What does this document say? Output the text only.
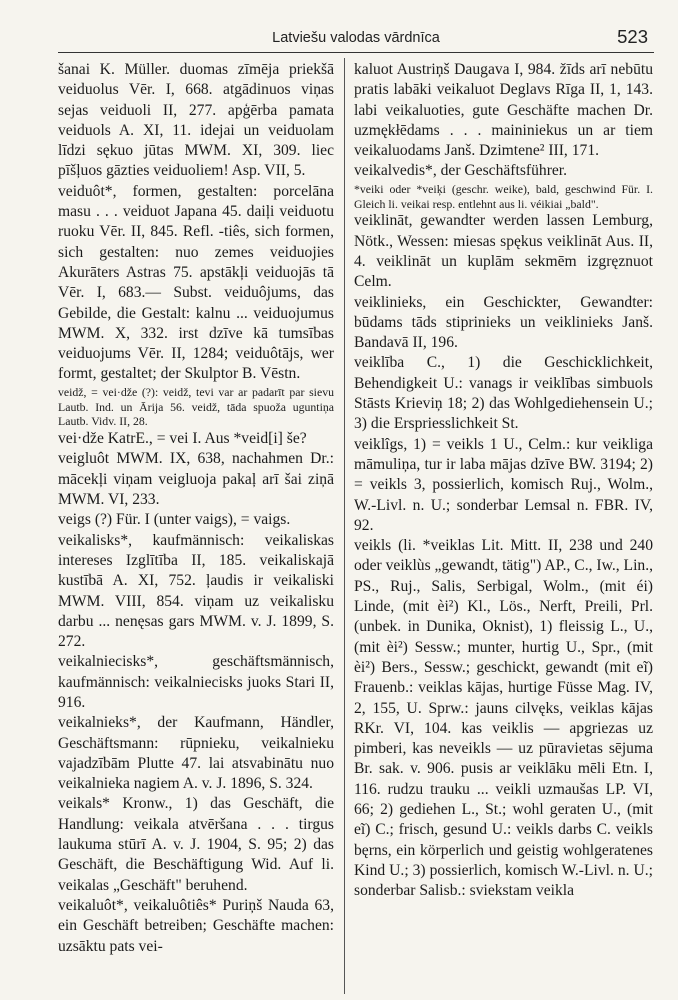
Latviešu valodas vārdnīca	523

šanai K. Müller. duomas zīmēja priekšā veiduolus Vēr. I, 668. atgādinuos viņas sejas veiduoli II, 277. apģērba pamata veiduols A. XI, 11. idejai un veiduolam līdzi sękuo jūtas MWM. XI, 309. liec pīšļuos gāzties veiduoliem! Asp. VII, 5.

veiduôt*, formen, gestalten: porcelāna masu . . . veiduot Japana 45. daiļi veiduotu ruoku Vēr. II, 845. Refl. -tiês, sich formen, sich gestalten: nuo zemes veiduojies Akurāters Astras 75. apstākļi veiduojās tā Vēr. I, 683.— Subst. veiduôjums, das Gebilde, die Gestalt: kalnu ... veiduojumus MWM. X, 332. irst dzīve kā tumsības veiduojums Vēr. II, 1284; veiduôtājs, wer formt, gestaltet; der Skulptor B. Vēstn.

veidž, = vei·dže (?): veidž, tevi var ar padarīt par sievu Lautb. Ind. un Ārija 56. veidž, tāda spuoža uguntiņa Lautb. Vidv. II, 28.

vei·dže KatrE., = vei I. Aus *veid[i] še?

veigluôt MWM. IX, 638, nachahmen Dr.: mācekļi viņam veigluoja pakaļ arī šai ziņā MWM. VI, 233.

veigs (?) Für. I (unter vaigs), = vaigs.

veikalisks*, kaufmännisch: veikaliskas intereses Izglītība II, 185. veikaliskajā kustībā A. XI, 752. ļaudis ir veikaliski MWM. VIII, 854. viņam uz veikalisku darbu ... nenęsas gars MWM. v. J. 1899, S. 272.

veikalniecisks*, geschäftsmännisch, kaufmännisch: veikalniecisks juoks Stari II, 916.

veikalnieks*, der Kaufmann, Händler, Geschäftsmann: rūpnieku, veikalnieku vajadzībām Plutte 47. lai atsvabinātu nuo veikalnieka nagiem A. v. J. 1896, S. 324.

veikals* Kronw., 1) das Geschäft, die Handlung: veikala atvēršana . . . tirgus laukuma stūrī A. v. J. 1904, S. 95; 2) das Geschäft, die Beschäftigung Wid. Auf li. veikalas „Geschäft" beruhend.

veikaluôt*, veikaluôtiês* Puriņš Nauda 63, ein Geschäft betreiben; Geschäfte machen: uzsāktu pats vei-

kaluot Austriņš Daugava I, 984. žīds arī nebūtu pratis labāki veikaluot Deglavs Rīga II, 1, 143. labi veikaluoties, gute Geschäfte machen Dr. uzmękłēdams . . . maininiekus un ar tiem veikaluodams Janš. Dzimtene² III, 171.

veikalvedis*, der Geschäftsführer.

*veiki oder *veiķi (geschr. weike), bald, geschwind Für. I. Gleich li. veikai resp. entlehnt aus li. véikiai „bald".

veiklināt, gewandter werden lassen Lemburg, Nötk., Wessen: miesas spękus veiklināt Aus. II, 4. veiklināt un kuplām sekmēm izgręznuot Celm.

veiklinieks, ein Geschickter, Gewandter: būdams tāds stiprinieks un veiklinieks Janš. Bandavā II, 196.

veiklība C., 1) die Geschicklichkeit, Behendigkeit U.: vanags ir veiklības simbuols Stāsts Krieviņ 18; 2) das Wohlgediehensein U.; 3) die Erspriesslichkeit St.

veiklîgs, 1) = veikls 1 U., Celm.: kur veikliga māmuliņa, tur ir laba mājas dzīve BW. 3194; 2) = veikls 3, possierlich, komisch Ruj., Wolm., W.-Livl. n. U.; sonderbar Lemsal n. FBR. IV, 92.

veikls (li. *veiklas Lit. Mitt. II, 238 und 240 oder veiklùs „gewandt, tätig") AP., C., Iw., Lin., PS., Ruj., Salis, Serbigal, Wolm., (mit éi) Linde, (mit èi²) Kl., Lös., Nerft, Preili, Prl. (unbek. in Dunika, Oknist), 1) fleissig L., U., (mit èi²) Sessw.; munter, hurtig U., Spr., (mit èi²) Bers., Sessw.; geschickt, gewandt (mit eĩ) Frauenb.: veiklas kājas, hurtige Füsse Mag. IV, 2, 155, U. Sprw.: jauns cilvęks, veiklas kājas RKr. VI, 104. kas veiklis — apgriezas uz pimberi, kas neveikls — uz pūravietas sējuma Br. sak. v. 906. pusis ar veiklāku mēli Etn. I, 116. rudzu trauku ... veikli uzmaušas LP. VI, 66; 2) gediehen L., St.; wohl geraten U., (mit eĩ) C.; frisch, gesund U.: veikls darbs C. veikls bęrns, ein körperlich und geistig wohlgeratenes Kind U.; 3) possierlich, komisch W.-Livl. n. U.; sonderbar Salisb.: sviekstam veikla
